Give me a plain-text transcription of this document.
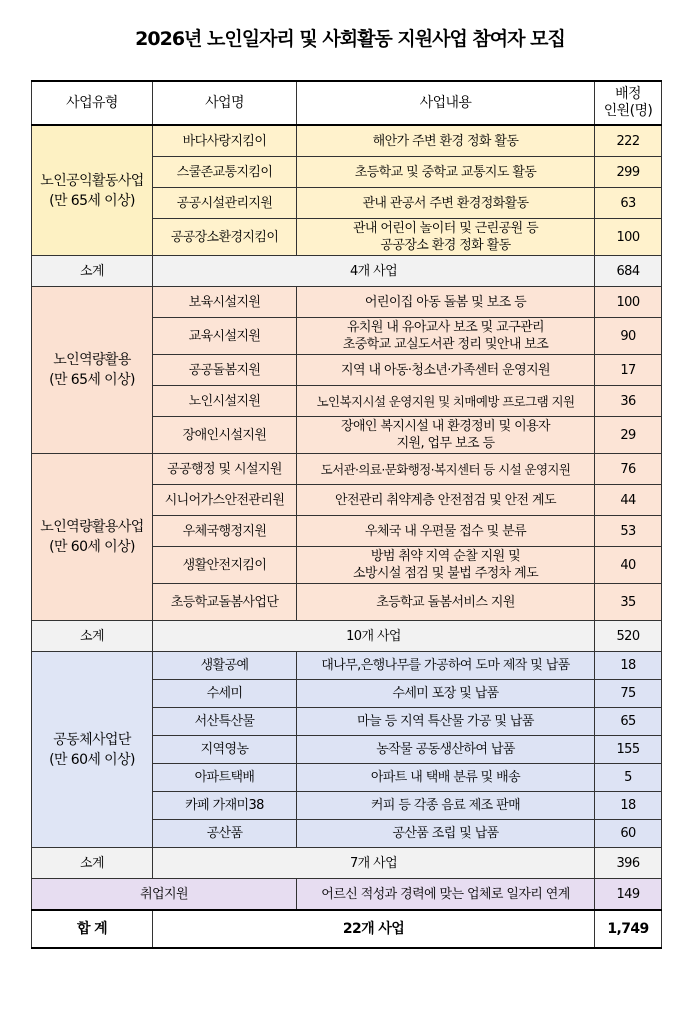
2026년 노인일자리 및 사회활동 지원사업 참여자 모집
사업유형	사업명	사업내용	배정
인원(명)
노인공익활동사업
(만 65세 이상)	바다사랑지킴이	해안가 주변 환경 정화 활동	222
	스쿨존교통지킴이	초등학교 및 중학교 교통지도 활동	299
	공공시설관리지원	관내 관공서 주변 환경정화활동	63
	공공장소환경지킴이	관내 어린이 놀이터 및 근린공원 등
공공장소 환경 정화 활동	100
소계	4개 사업		684
노인역량활용
(만 65세 이상)	보육시설지원	어린이집 아동 돌봄 및 보조 등	100
	교육시설지원	유치원 내 유아교사 보조 및 교구관리
초중학교 교실도서관 정리 및안내 보조	90
	공공돌봄지원	지역 내 아동·청소년·가족센터 운영지원	17
	노인시설지원	노인복지시설 운영지원 및 치매예방 프로그램 지원	36
	장애인시설지원	장애인 복지시설 내 환경정비 및 이용자
지원, 업무 보조 등	29
노인역량활용사업
(만 60세 이상)	공공행정 및 시설지원	도서관·의료·문화행정·복지센터 등 시설 운영지원	76
	시니어가스안전관리원	안전관리 취약계층 안전점검 및 안전 계도	44
	우체국행정지원	우체국 내 우편물 접수 및 분류	53
	생활안전지킴이	방범 취약 지역 순찰 지원 및
소방시설 점검 및 불법 주정차 계도	40
	초등학교돌봄사업단	초등학교 돌봄서비스 지원	35
소계	10개 사업		520
공동체사업단
(만 60세 이상)	생활공예	대나무,은행나무를 가공하여 도마 제작 및 납품	18
	수세미	수세미 포장 및 납품	75
	서산특산물	마늘 등 지역 특산물 가공 및 납품	65
	지역영농	농작물 공동생산하여 납품	155
	아파트택배	아파트 내 택배 분류 및 배송	5
	카페 가재미38	커피 등 각종 음료 제조 판매	18
	공산품	공산품 조립 및 납품	60
소계	7개 사업		396
취업지원		어르신 적성과 경력에 맞는 업체로 일자리 연계	149
합 계	22개 사업		1,749
